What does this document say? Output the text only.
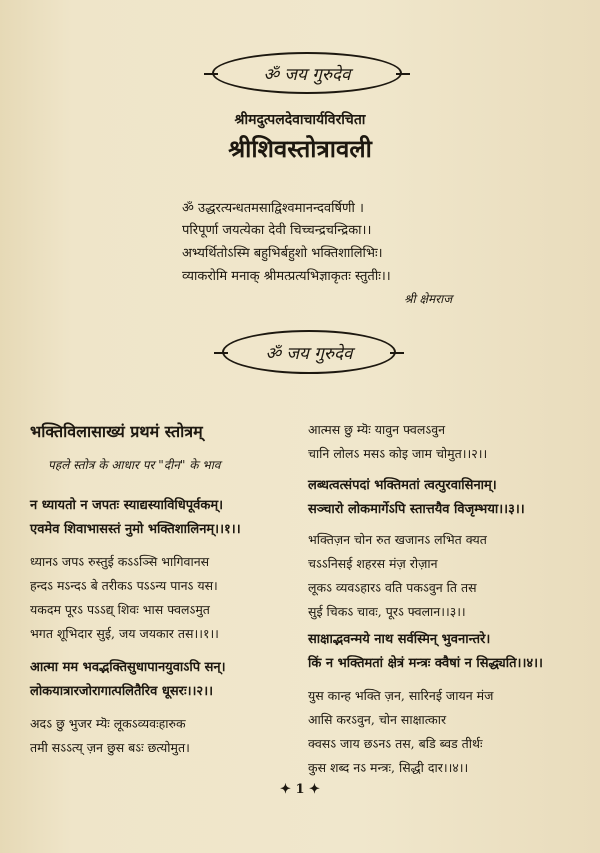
ॐ जय गुरुदेव
श्रीमदुत्पलदेवाचार्यविरचिता
श्रीशिवस्तोत्रावली
ॐ उद्धरत्यन्धतमसाद्विश्वमानन्दवर्षिणी ।
परिपूर्णा जयत्येका देवी चिच्चन्द्रचन्द्रिका।।
अभ्यर्थितोऽस्मि बहुभिर्बहुशो भक्तिशालिभिः।
व्याकरोमि मनाक् श्रीमत्प्रत्यभिज्ञाकृतः स्तुतीः।।
श्री क्षेमराज
ॐ जय गुरुदेव
भक्तिविलासाख्यं प्रथमं स्तोत्रम्
पहले स्तोत्र के आधार पर "दीन" के भाव
न ध्यायतो न जपतः स्याद्यस्याविधिपूर्वकम्।
एवमेव शिवाभासस्तं नुमो भक्तिशालिनम्।।१।।
ध्यानऽ जपऽ रुस्तुई कऽऽञ्सि भागिवानस
हन्दऽ मऽन्दऽ बे तरीकऽ पऽऽन्य पानऽ यस।
यकदम पूरऽ पऽऽद्य् शिवः भास फ्वलऽमुत
भगत शूभिदार सुई, जय जयकार तस।।१।।
आत्मा मम भवद्भक्तिसुधापानयुवाऽपि सन्।
लोकयात्रारजोरागात्पलितैरिव धूसरः।।२।।
अदऽ छु भुजर म्यॆः लूकऽव्यवःहारुक
तमी सऽऽत्य् ज़न छुस बऽः छत्योमुत।
आत्मस छु म्यॆः यावुन फ्वलऽवुन
चानि लोलऽ मसऽ कोइ जाम चोमुत।।२।।
लब्धत्वत्संपदां भक्तिमतां त्वत्पुरवासिनाम्।
सञ्चारो लोकमार्गेऽपि स्तात्तयैव विजृम्भया।।३।।
भक्तिज़न चोन रुत खजानऽ लभित क्यत
चऽऽनिसई शहरस मंज़ रोज़ान
लूकऽ व्यवऽहारऽ वति पकऽवुन ति तस
सुई चिकऽ चावः, पूरऽ फ्वलान।।३।।
साक्षाद्भवन्मये नाथ सर्वस्मिन् भुवनान्तरे।
किं न भक्तिमतां क्षेत्रं मन्त्रः क्वैषां न सिद्ध्यति।।४।।
युस कान्ह भक्ति ज़न, सारिनई जायन मंज
आसि करऽवुन, चोन साक्षात्कार
क्वसऽ जाय छऽनऽ तस, बडि ब्वड तीर्थः
कुस शब्द नऽ मन्त्रः, सिद्धी दार।।४।।
✦ 1 ✦
